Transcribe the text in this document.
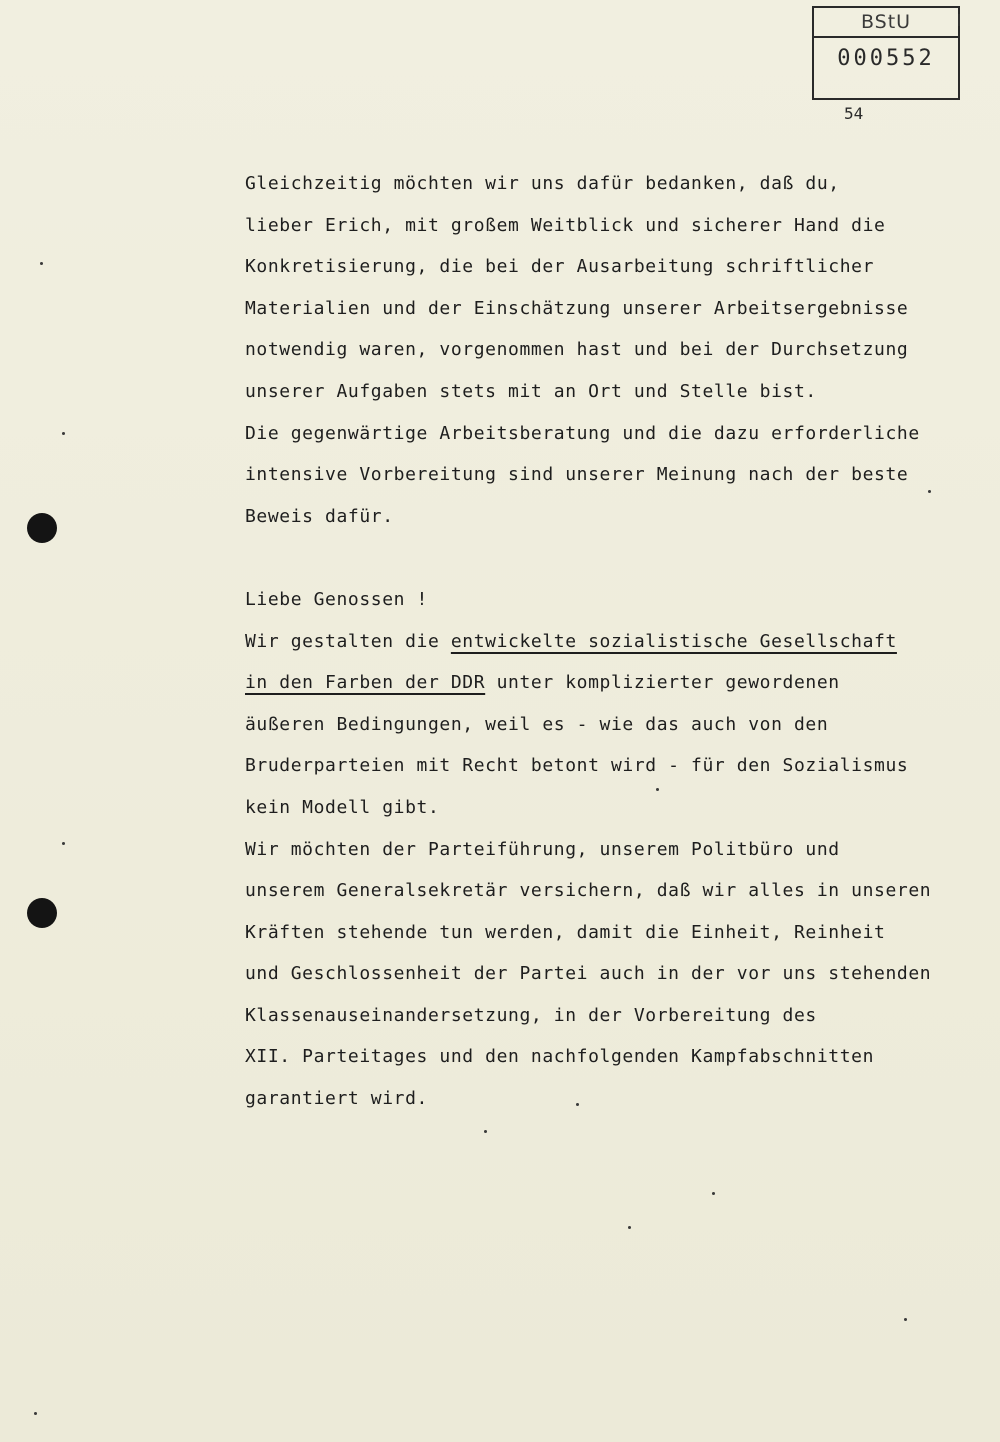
BStU
000552
54
Gleichzeitig möchten wir uns dafür bedanken, daß du,
lieber Erich, mit großem Weitblick und sicherer Hand die
Konkretisierung, die bei der Ausarbeitung schriftlicher
Materialien und der Einschätzung unserer Arbeitsergebnisse
notwendig waren, vorgenommen hast und bei der Durchsetzung
unserer Aufgaben stets mit an Ort und Stelle bist.
Die gegenwärtige Arbeitsberatung und die dazu erforderliche
intensive Vorbereitung sind unserer Meinung nach der beste
Beweis dafür.
Liebe Genossen !
Wir gestalten die entwickelte sozialistische Gesellschaft
in den Farben der DDR unter komplizierter gewordenen
äußeren Bedingungen, weil es - wie das auch von den
Bruderparteien mit Recht betont wird - für den Sozialismus
kein Modell gibt.
Wir möchten der Parteiführung, unserem Politbüro und
unserem Generalsekretär versichern, daß wir alles in unseren
Kräften stehende tun werden, damit die Einheit, Reinheit
und Geschlossenheit der Partei auch in der vor uns stehenden
Klassenauseinandersetzung, in der Vorbereitung des
XII. Parteitages und den nachfolgenden Kampfabschnitten
garantiert wird.
